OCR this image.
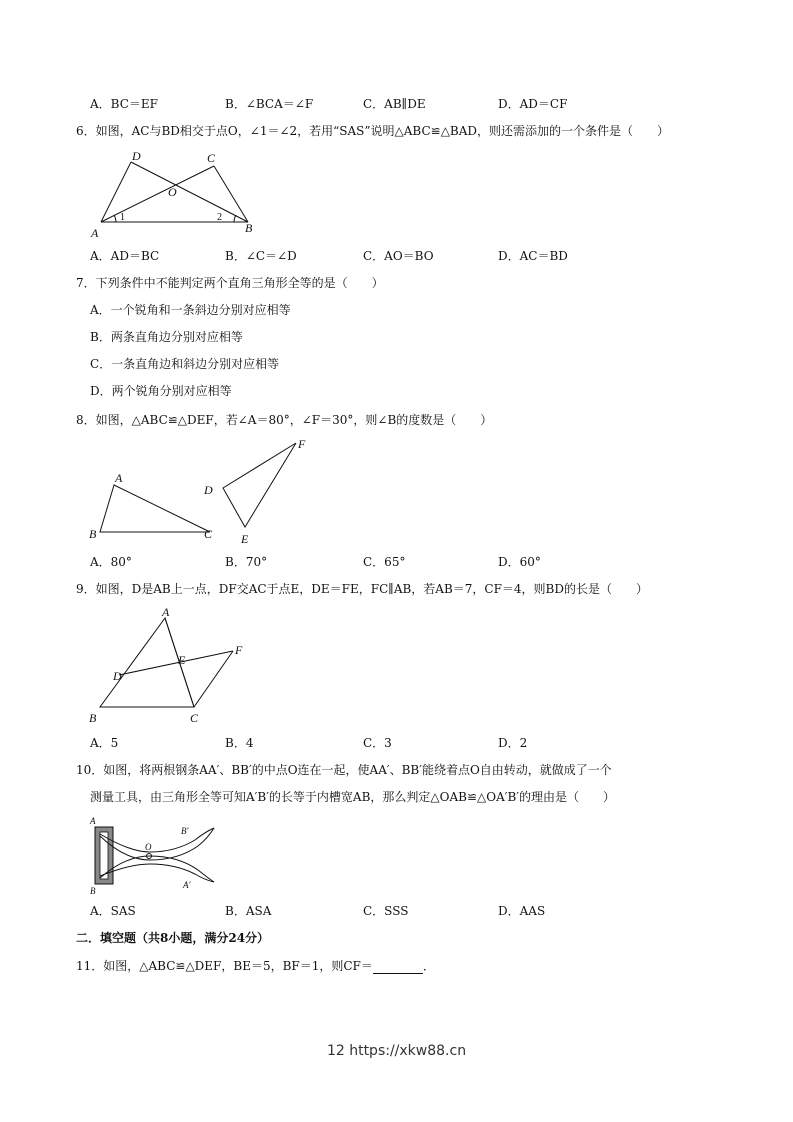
A．BC＝EF	B．∠BCA＝∠F	C．AB∥DE	D．AD＝CF
6．如图，AC与BD相交于点O，∠1＝∠2，若用“SAS”说明△ABC≌△BAD，则还需添加的一个条件是（　　）
D	C
O
A	B
1	2
A．AD＝BC	B．∠C＝∠D	C．AO＝BO	D．AC＝BD
7．下列条件中不能判定两个直角三角形全等的是（　　）
A．一个锐角和一条斜边分别对应相等
B．两条直角边分别对应相等
C．一条直角边和斜边分别对应相等
D．两个锐角分别对应相等
8．如图，△ABC≌△DEF，若∠A＝80°，∠F＝30°，则∠B的度数是（　　）
A
B	C
D
E
F
A．80°	B．70°	C．65°	D．60°
9．如图，D是AB上一点，DF交AC于点E，DE＝FE，FC∥AB，若AB＝7，CF＝4，则BD的长是（　　）
A
B	C
D
E
F
A．5	B．4	C．3	D．2
10．如图，将两根钢条AA′、BB′的中点O连在一起，使AA′、BB′能绕着点O自由转动，就做成了一个
测量工具，由三角形全等可知A′B′的长等于内槽宽AB，那么判定△OAB≌△OA′B′的理由是（　　）
A
B
O
B′
A′
A．SAS	B．ASA	C．SSS	D．AAS
二．填空题（共8小题，满分24分）
11．如图，△ABC≌△DEF，BE＝5，BF＝1，则CF＝	．
12 https://xkw88.cn
